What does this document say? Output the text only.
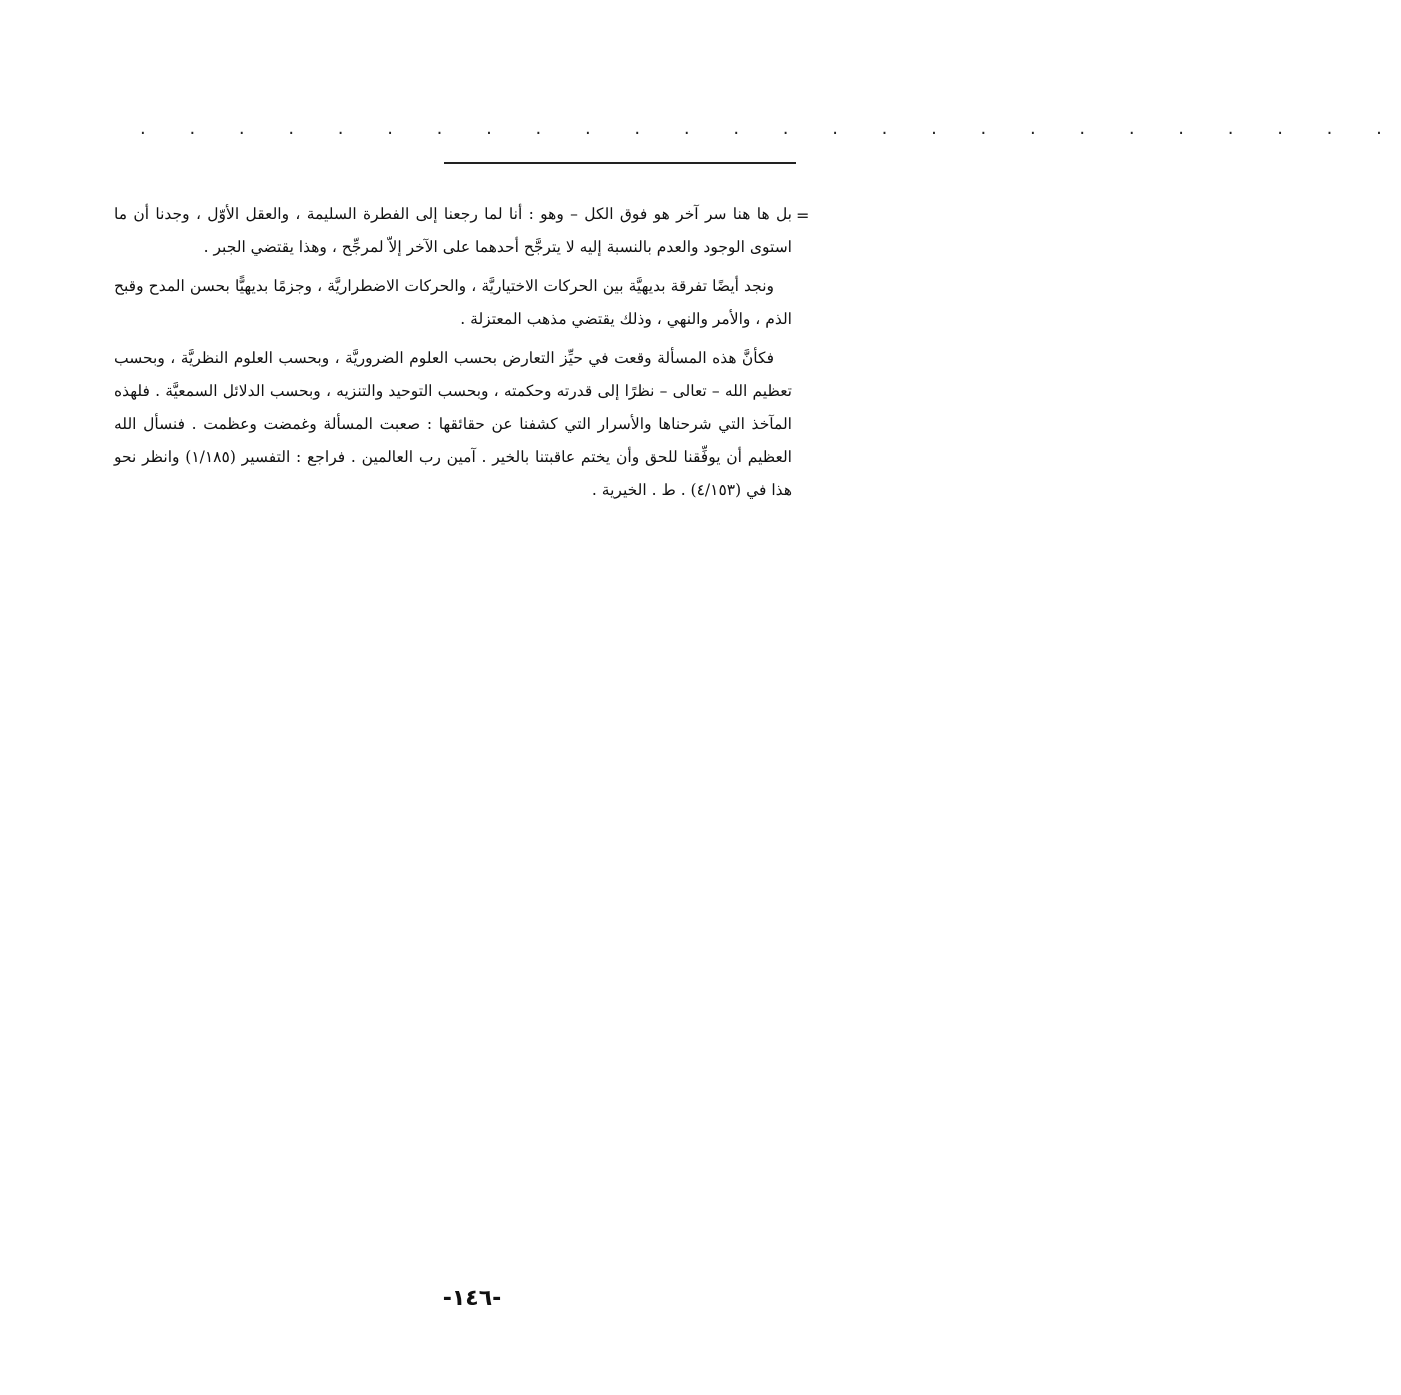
. . . . . . . . . . . . . . . . . . . . . . . . . .
=

بل ها هنا سر آخر هو فوق الكل – وهو : أنا لما رجعنا إلى الفطرة السليمة ، والعقل الأوّل ، وجدنا أن ما استوى الوجود والعدم بالنسبة إليه لا يترجَّح أحدهما على الآخر إلاّ لمرجِّح ، وهذا يقتضي الجبر .

ونجد أيضًا تفرقة بديهيَّة بين الحركات الاختياريَّة ، والحركات الاضطراريَّة ، وجزمًا بديهيًّا بحسن المدح وقبح الذم ، والأمر والنهي ، وذلك يقتضي مذهب المعتزلة .

فكأنَّ هذه المسألة وقعت في حيِّز التعارض بحسب العلوم الضروريَّة ، وبحسب العلوم النظريَّة ، وبحسب تعظيم الله – تعالى – نظرًا إلى قدرته وحكمته ، وبحسب التوحيد والتنزيه ، وبحسب الدلائل السمعيَّة . فلهذه المآخذ التي شرحناها والأسرار التي كشفنا عن حقائقها : صعبت المسألة وغمضت وعظمت . فنسأل الله العظيم أن يوفِّقنا للحق وأن يختم عاقبتنا بالخير . آمين رب العالمين . فراجع : التفسير (١/١٨٥) وانظر نحو هذا في (٤/١٥٣) . ط . الخيرية .

-١٤٦-
